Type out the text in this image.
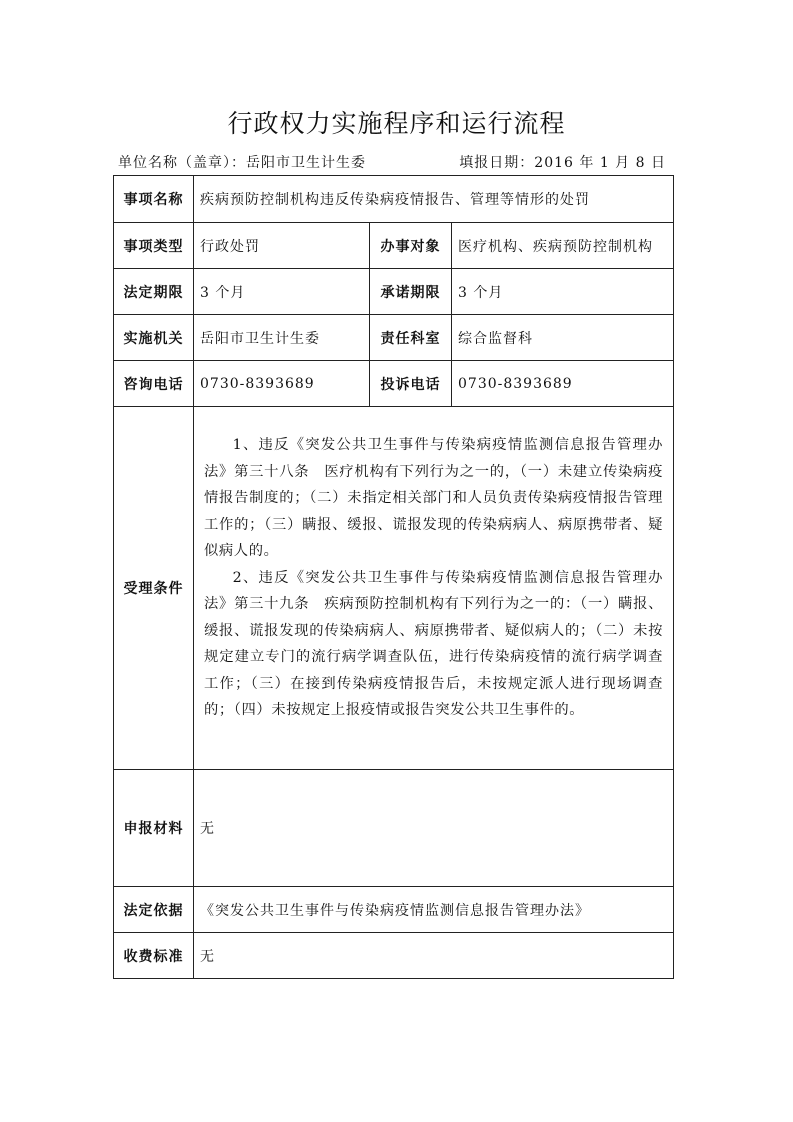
行政权力实施程序和运行流程
单位名称（盖章）：岳阳市卫生计生委	填报日期：2016 年 1 月 8 日
事项名称	疾病预防控制机构违反传染病疫情报告、管理等情形的处罚		
事项类型	行政处罚	办事对象	医疗机构、疾病预防控制机构
法定期限	3 个月	承诺期限	3 个月
实施机关	岳阳市卫生计生委	责任科室	综合监督科
咨询电话	0730-8393689	投诉电话	0730-8393689
受理条件	1、违反《突发公共卫生事件与传染病疫情监测信息报告管理办法》第三十八条　医疗机构有下列行为之一的，（一）未建立传染病疫情报告制度的；（二）未指定相关部门和人员负责传染病疫情报告管理工作的；（三）瞒报、缓报、谎报发现的传染病病人、病原携带者、疑似病人的。

2、违反《突发公共卫生事件与传染病疫情监测信息报告管理办法》第三十九条　疾病预防控制机构有下列行为之一的：（一）瞒报、缓报、谎报发现的传染病病人、病原携带者、疑似病人的；（二）未按规定建立专门的流行病学调查队伍，进行传染病疫情的流行病学调查工作；（三）在接到传染病疫情报告后，未按规定派人进行现场调查的；（四）未按规定上报疫情或报告突发公共卫生事件的。		

申报材料	无		
法定依据	《突发公共卫生事件与传染病疫情监测信息报告管理办法》		
收费标准	无		
